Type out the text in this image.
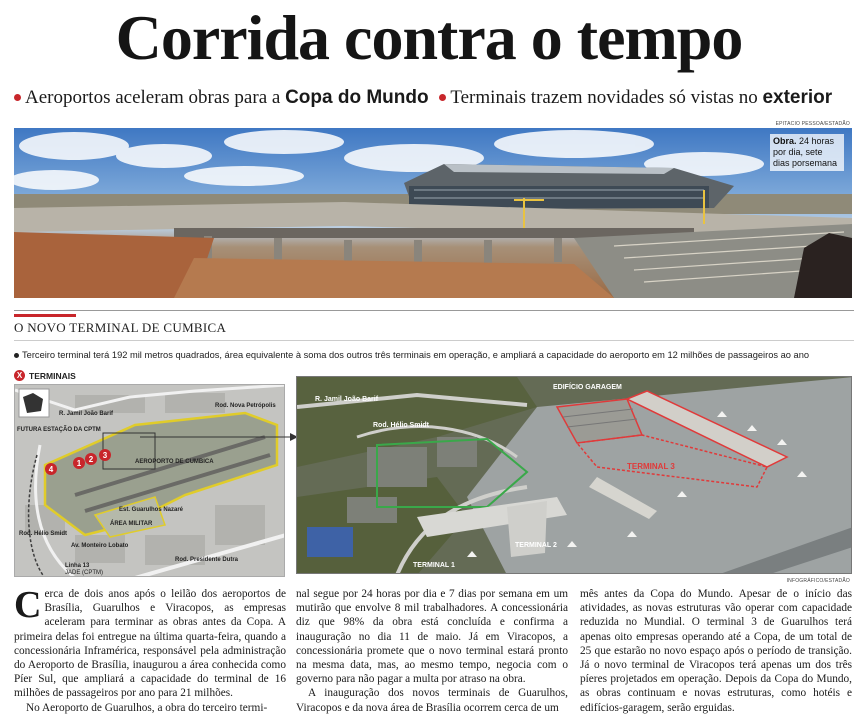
Corrida contra o tempo
Aeroportos aceleram obras para a Copa do Mundo Terminais trazem novidades só vistas no exterior
EPITACIO PESSOA/ESTADÃO
Obra. 24 horas por dia, sete dias porsemana
O NOVO TERMINAL DE CUMBICA
Terceiro terminal terá 192 mil metros quadrados, área equivalente à soma dos outros três terminais em operação, e ampliará a capacidade do aeroporto em 12 milhões de passageiros ao ano
X TERMINAIS
1 2 3
4
R. Jamil João Barif
FUTURA ESTAÇÃO DA CPTM
AEROPORTO DE CUMBICA
ÁREA MILITAR
Rod. Hélio Smidt
Av. Monteiro Lobato
Est. Guarulhos Nazaré
Rod. Presidente Dutra
Linha 13
JADE (CPTM)
Rod. Nova Petrópolis
R. Jamil João Barif
Rod. Hélio Smidt
EDIFÍCIO GARAGEM
TERMINAL 3
TERMINAL 2
TERMINAL 1
INFOGRÁFICO/ESTADÃO
Cerca de dois anos após o leilão dos aeroportos de Brasília, Guarulhos e Viracopos, as empresas aceleram para terminar as obras antes da Copa. A primeira delas foi entregue na última quarta-feira, quando a concessionária Inframérica, responsável pela administração do Aeroporto de Brasília, inaugurou a área conhecida como Píer Sul, que ampliará a capacidade do terminal de 16 milhões de passageiros por ano para 21 milhões.
No Aeroporto de Guarulhos, a obra do terceiro termi-
nal segue por 24 horas por dia e 7 dias por semana em um mutirão que envolve 8 mil trabalhadores. A concessionária diz que 98% da obra está concluída e confirma a inauguração no dia 11 de maio. Já em Viracopos, a concessionária promete que o novo terminal estará pronto na mesma data, mas, ao mesmo tempo, negocia com o governo para não pagar a multa por atraso na obra.
A inauguração dos novos terminais de Guarulhos, Viracopos e da nova área de Brasília ocorrem cerca de um
mês antes da Copa do Mundo. Apesar de o início das atividades, as novas estruturas vão operar com capacidade reduzida no Mundial. O terminal 3 de Guarulhos terá apenas oito empresas operando até a Copa, de um total de 25 que estarão no novo espaço após o período de transição. Já o novo terminal de Viracopos terá apenas um dos três píeres projetados em operação. Depois da Copa do Mundo, as obras continuam e novas estruturas, como hotéis e edifícios-garagem, serão erguidas.
